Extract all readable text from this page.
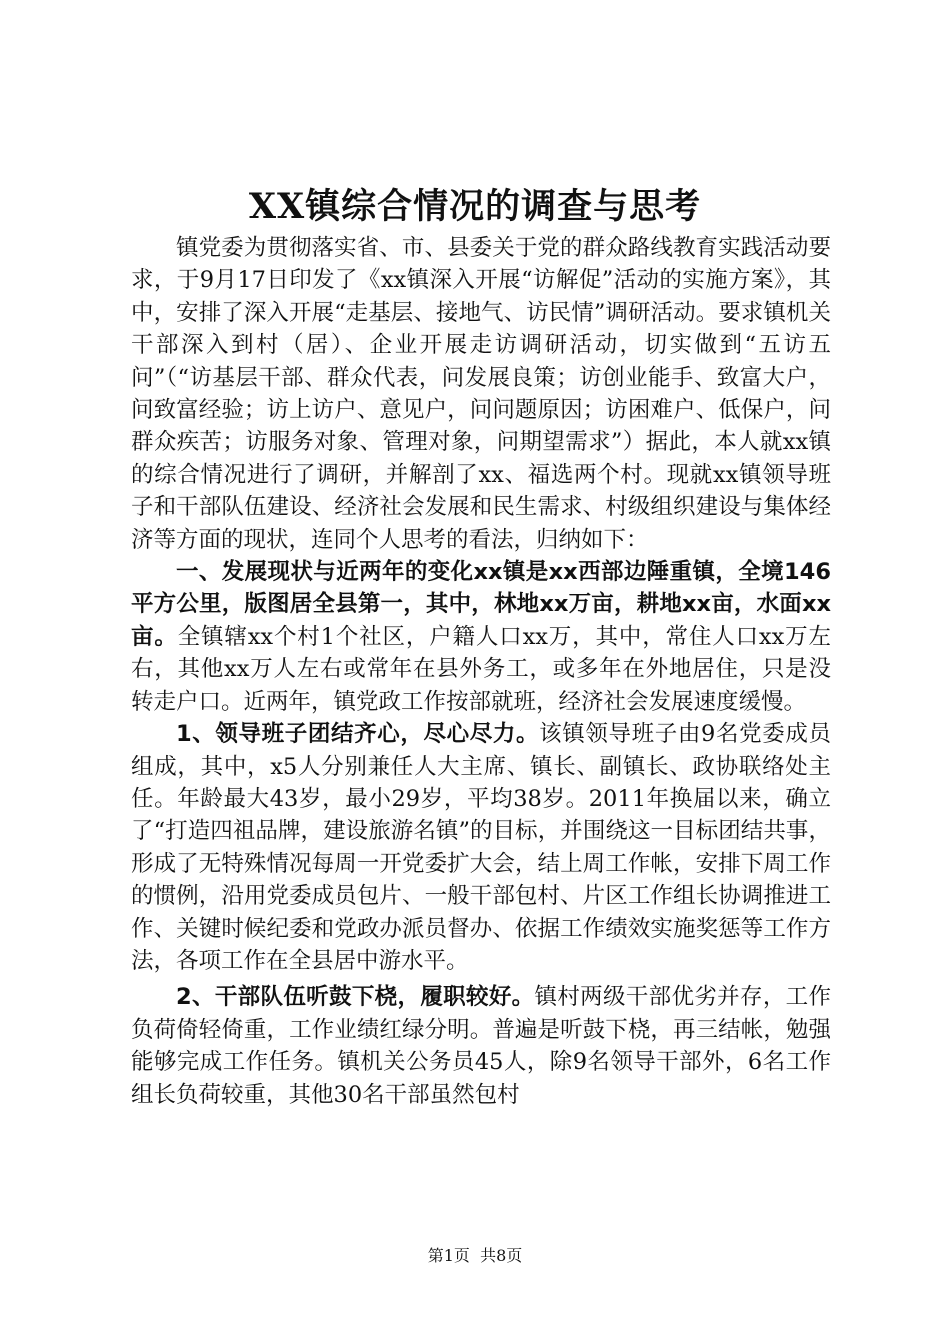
XX镇综合情况的调查与思考

镇党委为贯彻落实省、市、县委关于党的群众路线教育实践活动要求，于9月17日印发了《xx镇深入开展“访解促”活动的实施方案》，其中，安排了深入开展“走基层、接地气、访民情”调研活动。要求镇机关干部深入到村（居）、企业开展走访调研活动，切实做到“五访五问”（“访基层干部、群众代表，问发展良策；访创业能手、致富大户，问致富经验；访上访户、意见户，问问题原因；访困难户、低保户，问群众疾苦；访服务对象、管理对象，问期望需求”）据此，本人就xx镇的综合情况进行了调研，并解剖了xx、福选两个村。现就xx镇领导班子和干部队伍建设、经济社会发展和民生需求、村级组织建设与集体经济等方面的现状，连同个人思考的看法，归纳如下：

一、发展现状与近两年的变化xx镇是xx西部边陲重镇，全境146平方公里，版图居全县第一，其中，林地xx万亩，耕地xx亩，水面xx亩。全镇辖xx个村1个社区，户籍人口xx万，其中，常住人口xx万左右，其他xx万人左右或常年在县外务工，或多年在外地居住，只是没转走户口。近两年，镇党政工作按部就班，经济社会发展速度缓慢。

1、领导班子团结齐心，尽心尽力。该镇领导班子由9名党委成员组成，其中，x5人分别兼任人大主席、镇长、副镇长、政协联络处主任。年龄最大43岁，最小29岁，平均38岁。2011年换届以来，确立了“打造四祖品牌，建设旅游名镇”的目标，并围绕这一目标团结共事，形成了无特殊情况每周一开党委扩大会，结上周工作帐，安排下周工作的惯例，沿用党委成员包片、一般干部包村、片区工作组长协调推进工作、关键时候纪委和党政办派员督办、依据工作绩效实施奖惩等工作方法，各项工作在全县居中游水平。

2、干部队伍听鼓下桡，履职较好。镇村两级干部优劣并存，工作负荷倚轻倚重，工作业绩红绿分明。普遍是听鼓下桡，再三结帐，勉强能够完成工作任务。镇机关公务员45人，除9名领导干部外，6名工作组长负荷较重，其他30名干部虽然包村

第1页  共8页
